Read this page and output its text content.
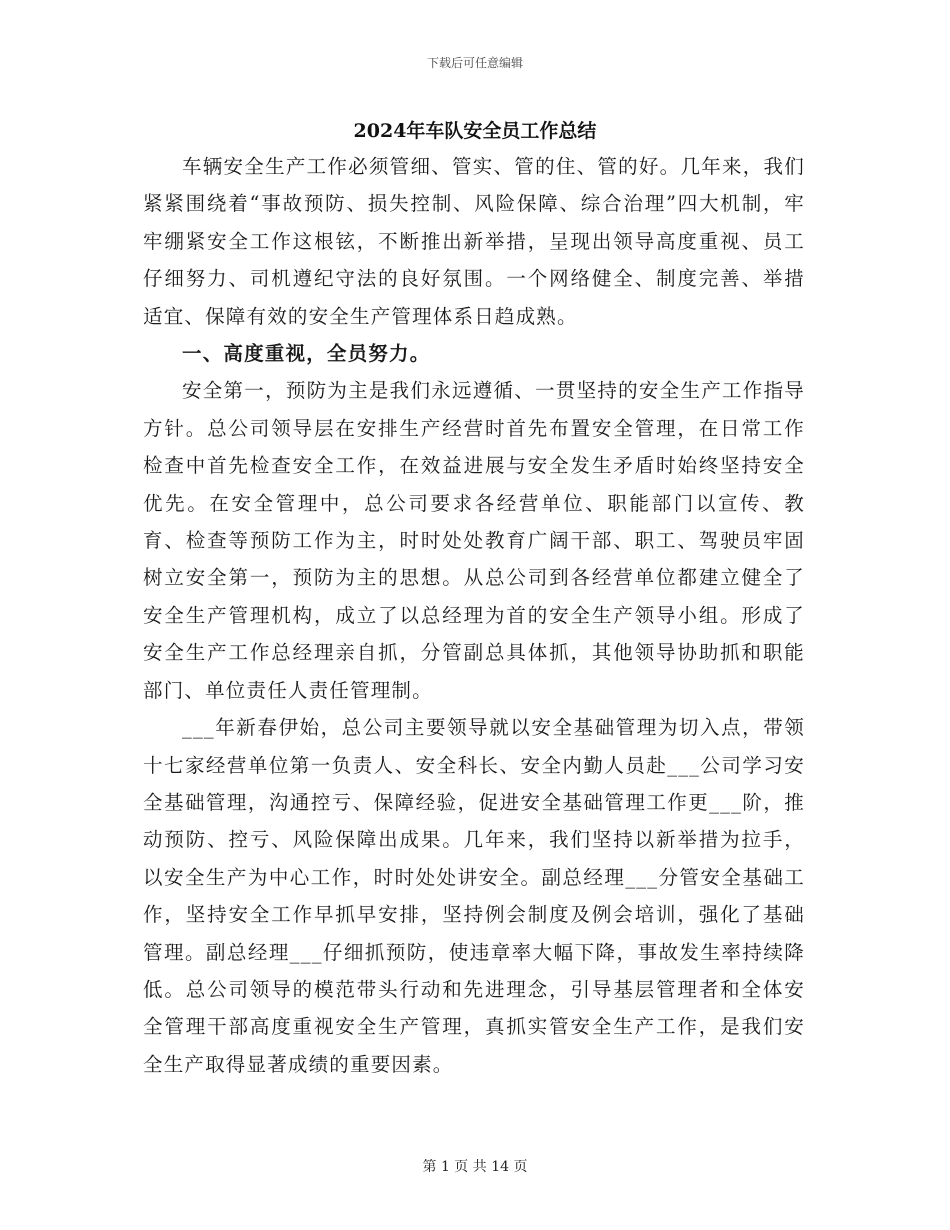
下载后可任意编辑
2024年车队安全员工作总结

车辆安全生产工作必须管细、管实、管的住、管的好。几年来，我们紧紧围绕着“事故预防、损失控制、风险保障、综合治理”四大机制，牢牢绷紧安全工作这根铉，不断推出新举措，呈现出领导高度重视、员工仔细努力、司机遵纪守法的良好氛围。一个网络健全、制度完善、举措适宜、保障有效的安全生产管理体系日趋成熟。

一、高度重视，全员努力。

安全第一，预防为主是我们永远遵循、一贯坚持的安全生产工作指导方针。总公司领导层在安排生产经营时首先布置安全管理，在日常工作检查中首先检查安全工作，在效益进展与安全发生矛盾时始终坚持安全优先。在安全管理中，总公司要求各经营单位、职能部门以宣传、教育、检查等预防工作为主，时时处处教育广阔干部、职工、驾驶员牢固树立安全第一，预防为主的思想。从总公司到各经营单位都建立健全了安全生产管理机构，成立了以总经理为首的安全生产领导小组。形成了安全生产工作总经理亲自抓，分管副总具体抓，其他领导协助抓和职能部门、单位责任人责任管理制。

___年新春伊始，总公司主要领导就以安全基础管理为切入点，带领十七家经营单位第一负责人、安全科长、安全内勤人员赴___公司学习安全基础管理，沟通控亏、保障经验，促进安全基础管理工作更___阶，推动预防、控亏、风险保障出成果。几年来，我们坚持以新举措为拉手，以安全生产为中心工作，时时处处讲安全。副总经理___分管安全基础工作，坚持安全工作早抓早安排，坚持例会制度及例会培训，强化了基础管理。副总经理___仔细抓预防，使违章率大幅下降，事故发生率持续降低。总公司领导的模范带头行动和先进理念，引导基层管理者和全体安全管理干部高度重视安全生产管理，真抓实管安全生产工作，是我们安全生产取得显著成绩的重要因素。

第 1 页 共 14 页
